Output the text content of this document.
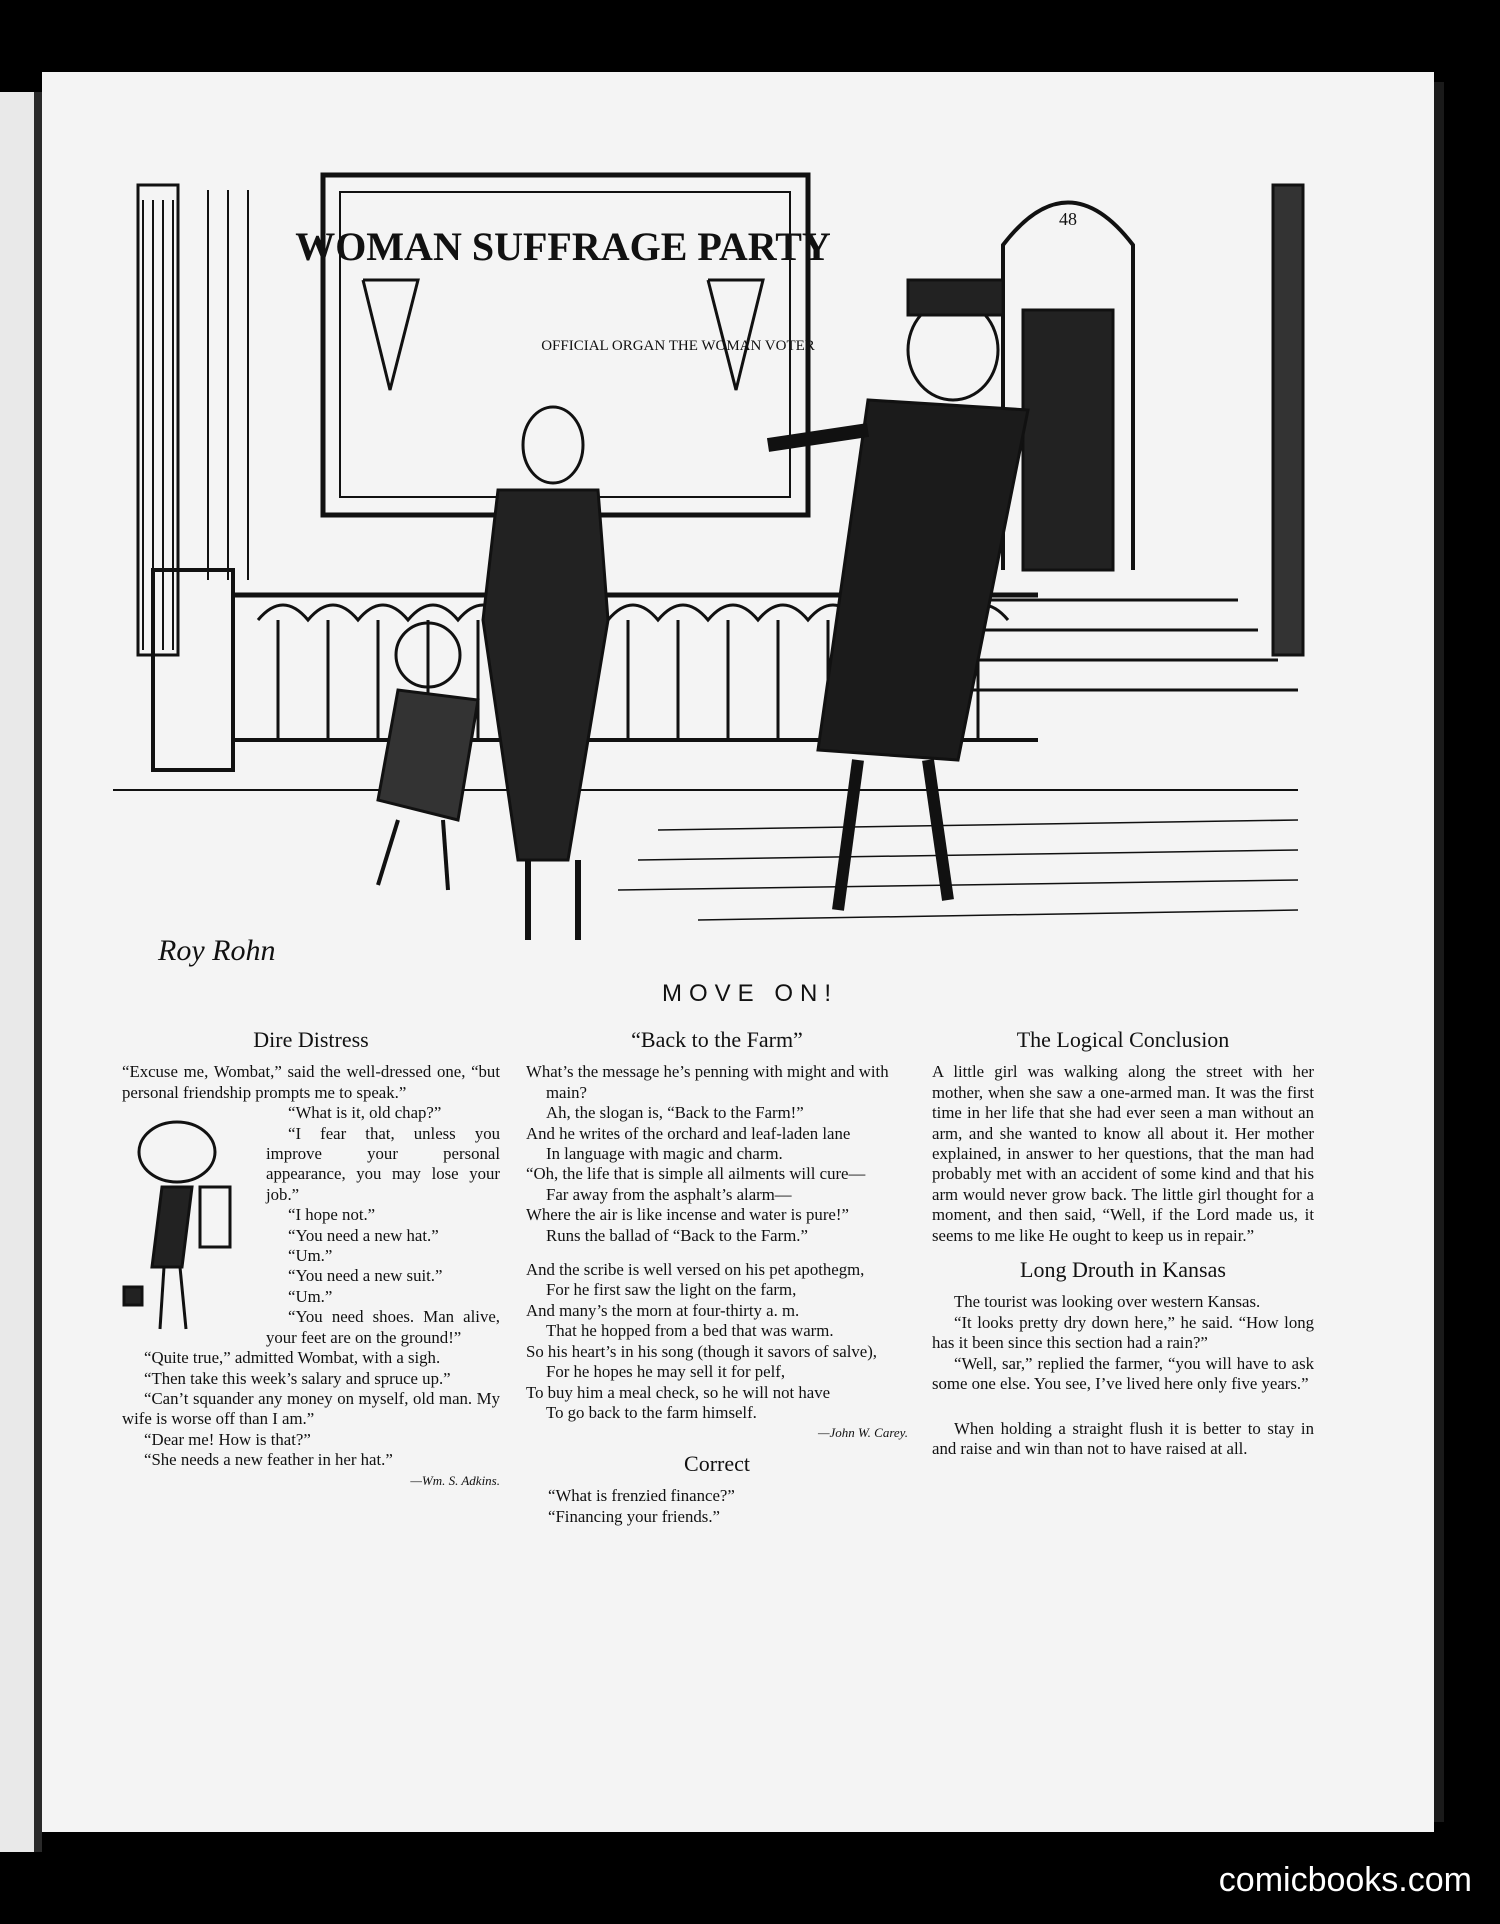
WOMAN SUFFRAGE PARTY
OFFICIAL ORGAN THE WOMAN VOTER
48
Roy Rohn
MOVE ON!
Dire Distress

“Excuse me, Wombat,” said the well-dressed one, “but personal friendship prompts me to speak.”

“What is it, old chap?”

“I fear that, unless you improve your personal appearance, you may lose your job.”

“I hope not.”

“You need a new hat.”

“Um.”

“You need a new suit.”

“Um.”

“You need shoes. Man alive, your feet are on the ground!”

“Quite true,” admitted Wombat, with a sigh.

“Then take this week’s salary and spruce up.”

“Can’t squander any money on myself, old man. My wife is worse off than I am.”

“Dear me! How is that?”

“She needs a new feather in her hat.”

—Wm. S. Adkins.

“Back to the Farm”

What’s the message he’s penning with might and with main?

Ah, the slogan is, “Back to the Farm!”

And he writes of the orchard and leaf-laden lane

In language with magic and charm.

“Oh, the life that is simple all ailments will cure—

Far away from the asphalt’s alarm—

Where the air is like incense and water is pure!”

Runs the ballad of “Back to the Farm.”

And the scribe is well versed on his pet apothegm,

For he first saw the light on the farm,

And many’s the morn at four-thirty a. m.

That he hopped from a bed that was warm.

So his heart’s in his song (though it savors of salve),

For he hopes he may sell it for pelf,

To buy him a meal check, so he will not have

To go back to the farm himself.

—John W. Carey.

Correct

“What is frenzied finance?”

“Financing your friends.”

The Logical Conclusion

A little girl was walking along the street with her mother, when she saw a one-armed man. It was the first time in her life that she had ever seen a man without an arm, and she wanted to know all about it. Her mother explained, in answer to her questions, that the man had probably met with an accident of some kind and that his arm would never grow back. The little girl thought for a moment, and then said, “Well, if the Lord made us, it seems to me like He ought to keep us in repair.”

Long Drouth in Kansas

The tourist was looking over western Kansas.

“It looks pretty dry down here,” he said. “How long has it been since this section had a rain?”

“Well, sar,” replied the farmer, “you will have to ask some one else. You see, I’ve lived here only five years.”

When holding a straight flush it is better to stay in and raise and win than not to have raised at all.

comicbooks.com
